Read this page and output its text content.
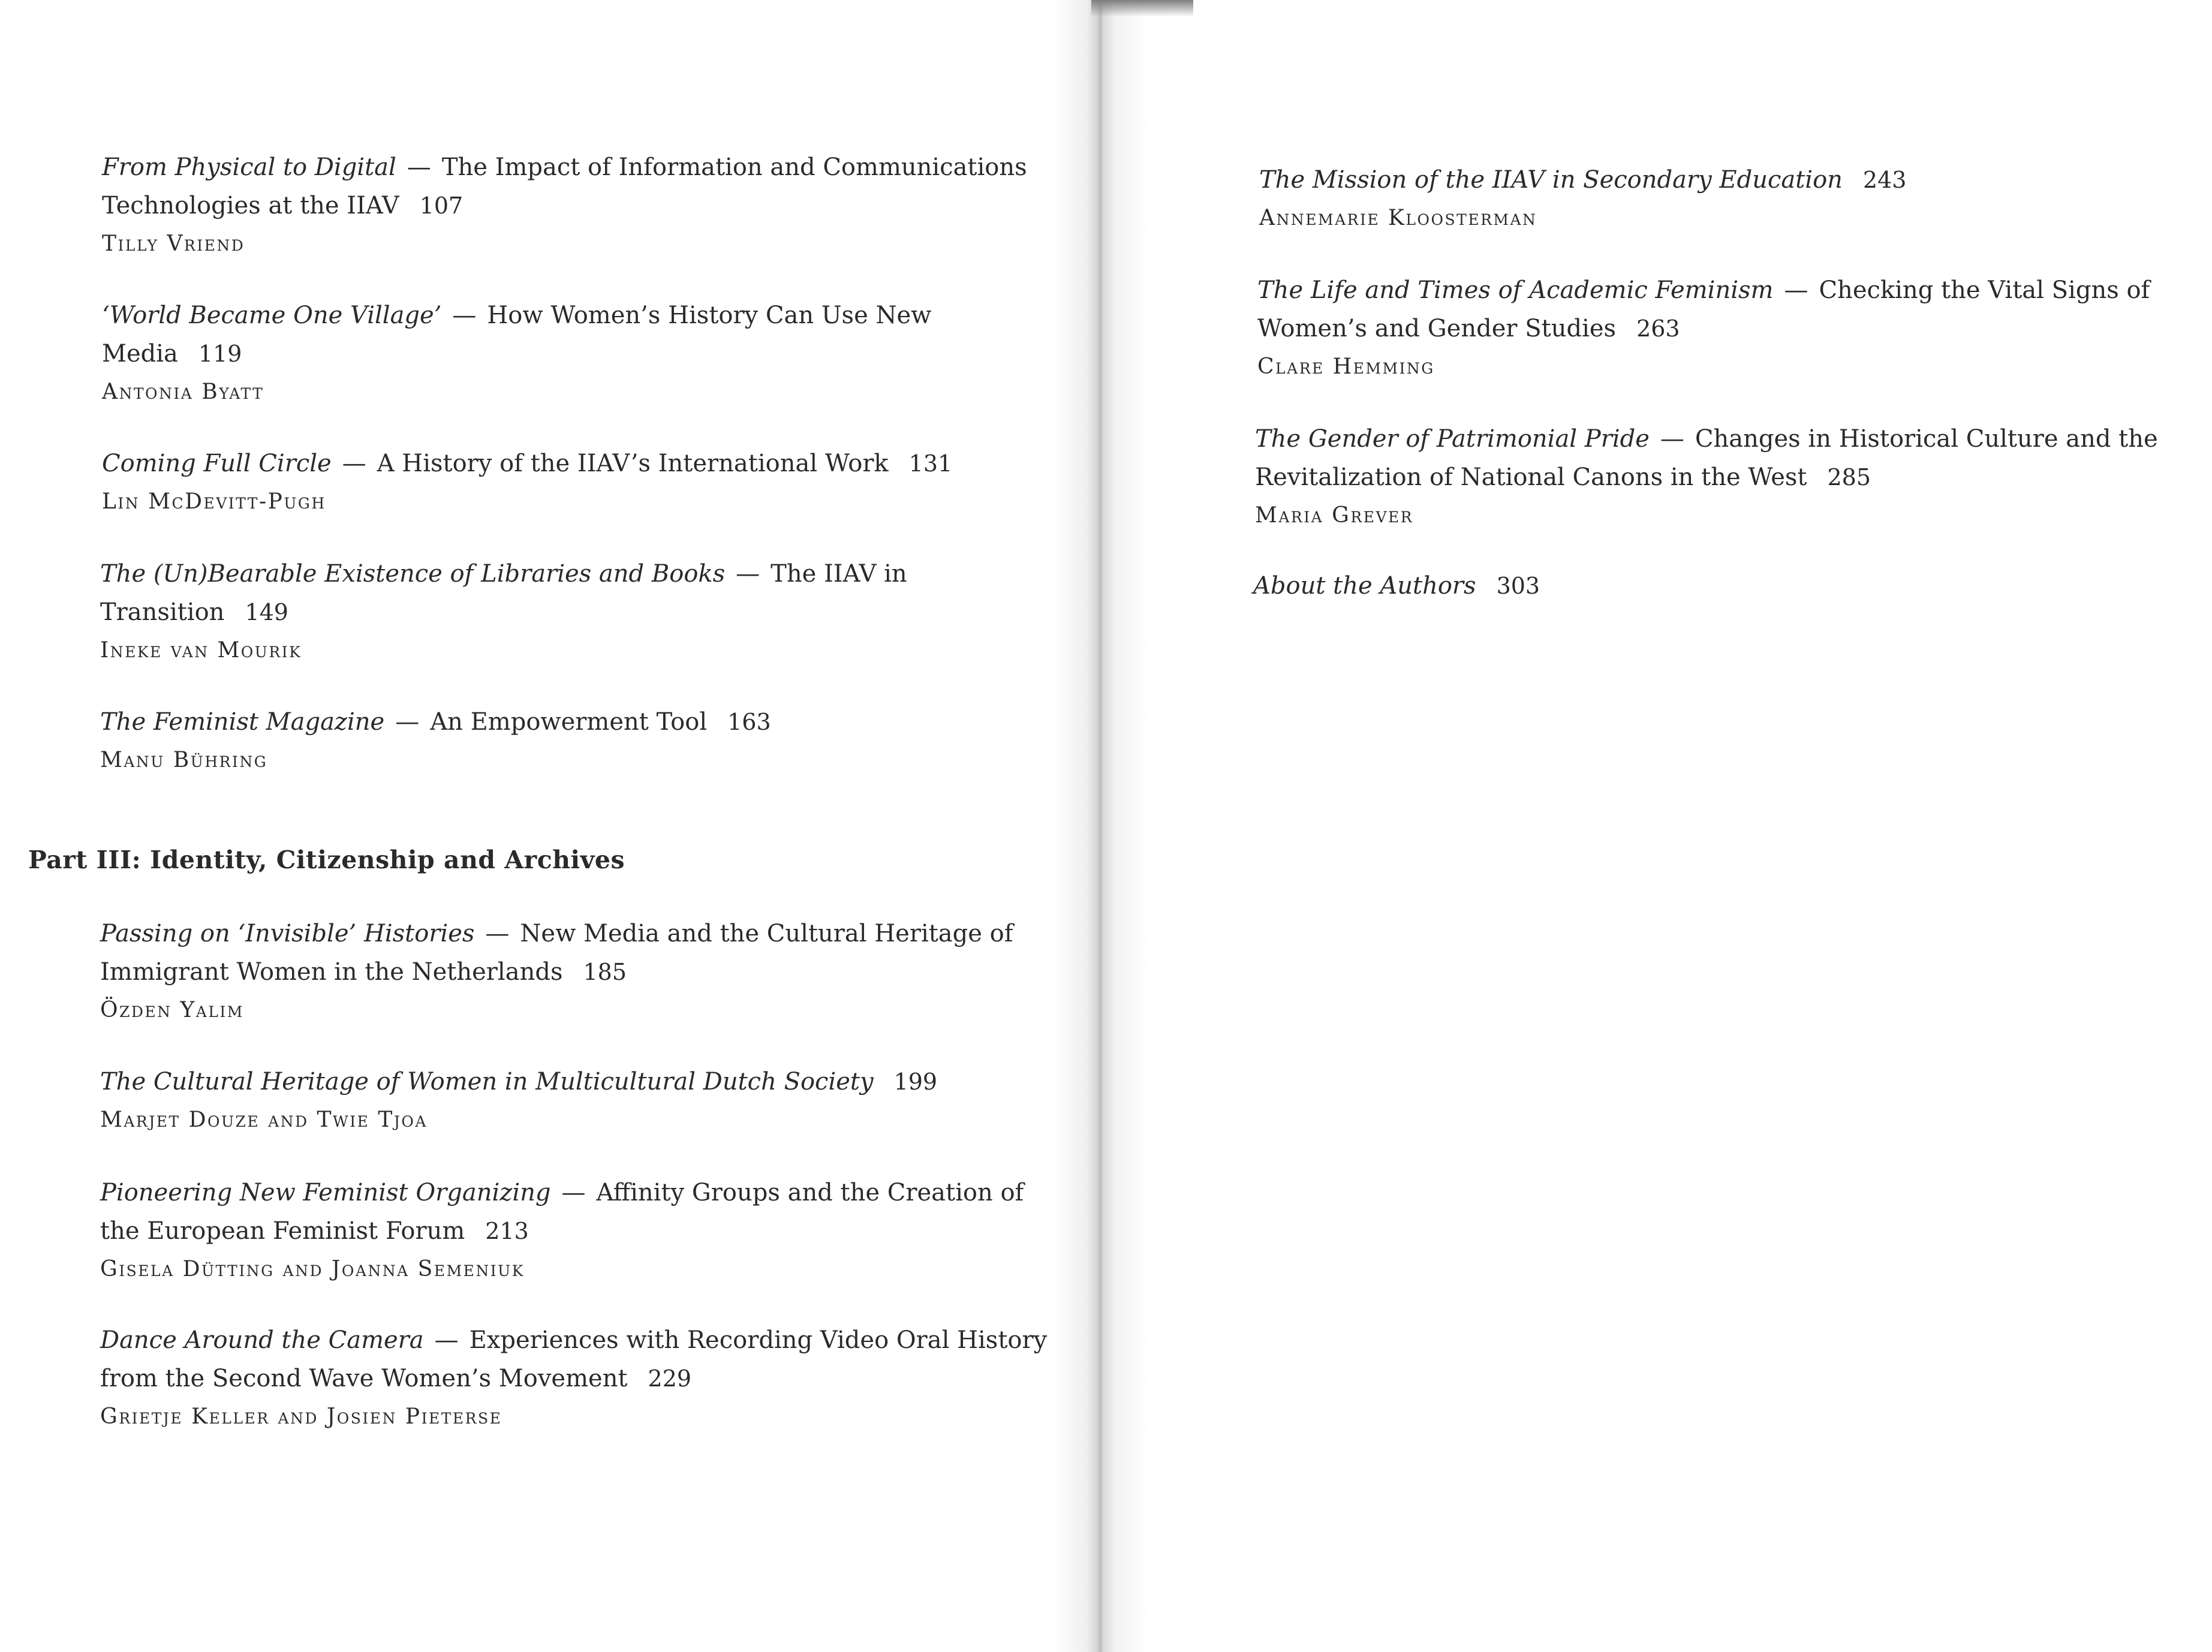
From Physical to Digital — The Impact of Information and Communications
Technologies at the IIAV 107
Tilly Vriend
‘World Became One Village’ — How Women’s History Can Use New
Media 119
Antonia Byatt
Coming Full Circle — A History of the IIAV’s International Work 131
Lin McDevitt-Pugh
The (Un)Bearable Existence of Libraries and Books — The IIAV in
Transition 149
Ineke van Mourik
The Feminist Magazine — An Empowerment Tool 163
Manu Bühring
Part III: Identity, Citizenship and Archives
Passing on ‘Invisible’ Histories — New Media and the Cultural Heritage of
Immigrant Women in the Netherlands 185
Özden Yalim
The Cultural Heritage of Women in Multicultural Dutch Society 199
Marjet Douze and Twie Tjoa
Pioneering New Feminist Organizing — Affinity Groups and the Creation of
the European Feminist Forum 213
Gisela Dütting and Joanna Semeniuk
Dance Around the Camera — Experiences with Recording Video Oral History
from the Second Wave Women’s Movement 229
Grietje Keller and Josien Pieterse
The Mission of the IIAV in Secondary Education 243
Annemarie Kloosterman
The Life and Times of Academic Feminism — Checking the Vital Signs of
Women’s and Gender Studies 263
Clare Hemming
The Gender of Patrimonial Pride — Changes in Historical Culture and the
Revitalization of National Canons in the West 285
Maria Grever
About the Authors 303
